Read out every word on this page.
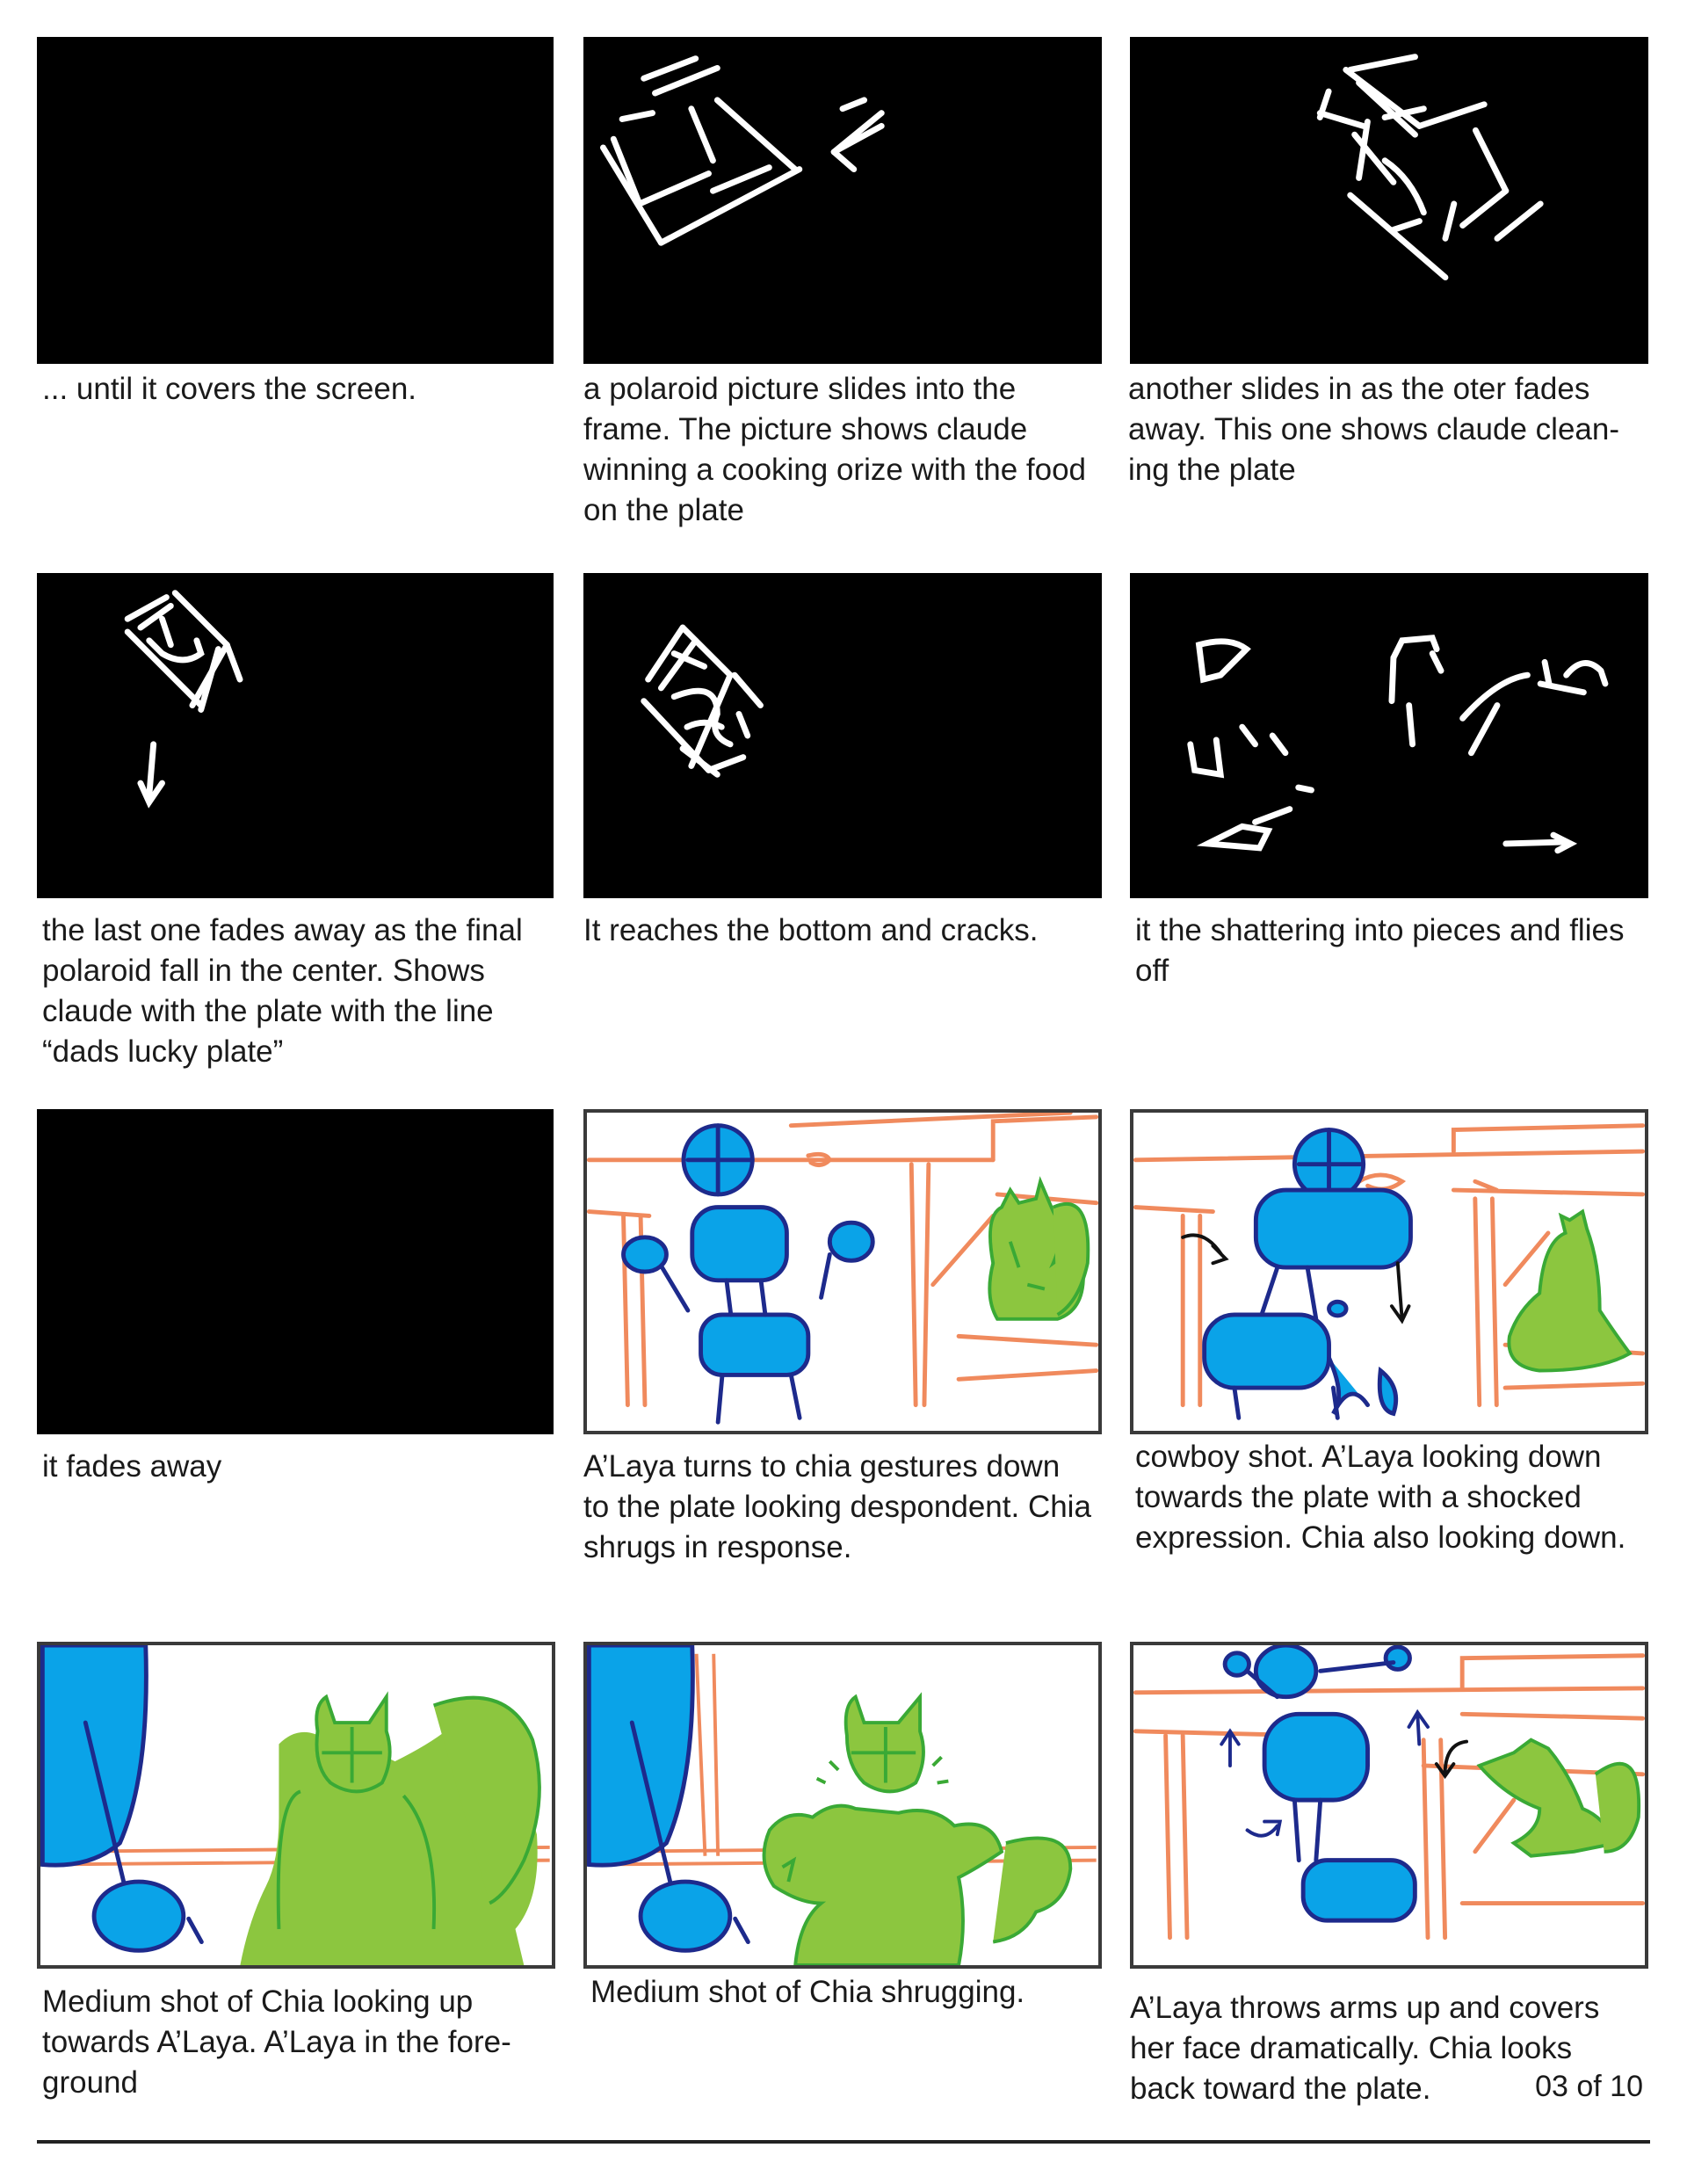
... until it covers the screen.	a polaroid picture slides into the frame. The picture shows claude winning a cooking orize with the food on the plate

another slides in as the oter fades away. This one shows claude clean-ing the plate

the last one fades away as the final polaroid fall in the center. Shows claude with the plate with the line “dads lucky plate”

It reaches the bottom and cracks.	it the shattering into pieces and flies off

it fades away	A’Laya turns to chia gestures down to the plate looking despondent. Chia shrugs in response.

cowboy shot. A’Laya looking down towards the plate with a shocked expression. Chia also looking down.

Medium shot of Chia looking up towards A’Laya. A’Laya in the fore-ground

Medium shot of Chia shrugging.	A’Laya throws arms up and covers her face dramatically. Chia looks back toward the plate.	03 of 10
